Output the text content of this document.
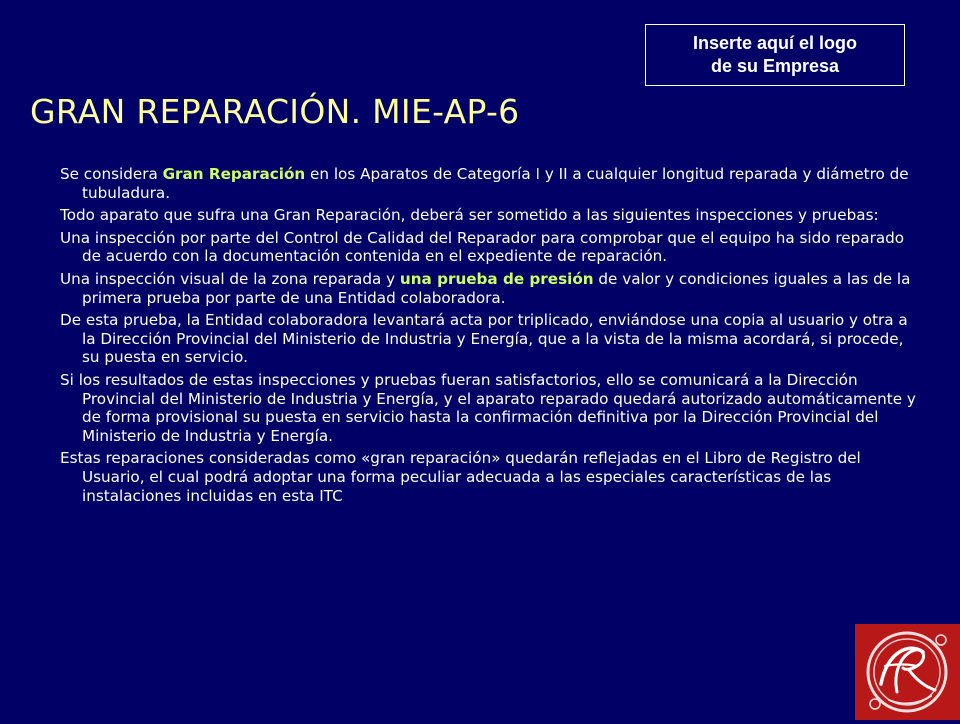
Inserte aquí el logo
de su Empresa
GRAN REPARACIÓN. MIE-AP-6

Se considera Gran Reparación en los Aparatos de Categoría I y II a cualquier longitud reparada y diámetro de tubuladura.

Todo aparato que sufra una Gran Reparación, deberá ser sometido a las siguientes inspecciones y pruebas:

Una inspección por parte del Control de Calidad del Reparador para comprobar que el equipo ha sido reparado de acuerdo con la documentación contenida en el expediente de reparación.

Una inspección visual de la zona reparada y una prueba de presión de valor y condiciones iguales a las de la primera prueba por parte de una Entidad colaboradora.

De esta prueba, la Entidad colaboradora levantará acta por triplicado, enviándose una copia al usuario y otra a la Dirección Provincial del Ministerio de Industria y Energía, que a la vista de la misma acordará, si procede, su puesta en servicio.

Si los resultados de estas inspecciones y pruebas fueran satisfactorios, ello se comunicará a la Dirección Provincial del Ministerio de Industria y Energía, y el aparato reparado quedará autorizado automáticamente y de forma provisional su puesta en servicio hasta la confirmación definitiva por la Dirección Provincial del Ministerio de Industria y Energía.

Estas reparaciones consideradas como «gran reparación» quedarán reflejadas en el Libro de Registro del Usuario, el cual podrá adoptar una forma peculiar adecuada a las especiales características de las instalaciones incluidas en esta ITC
